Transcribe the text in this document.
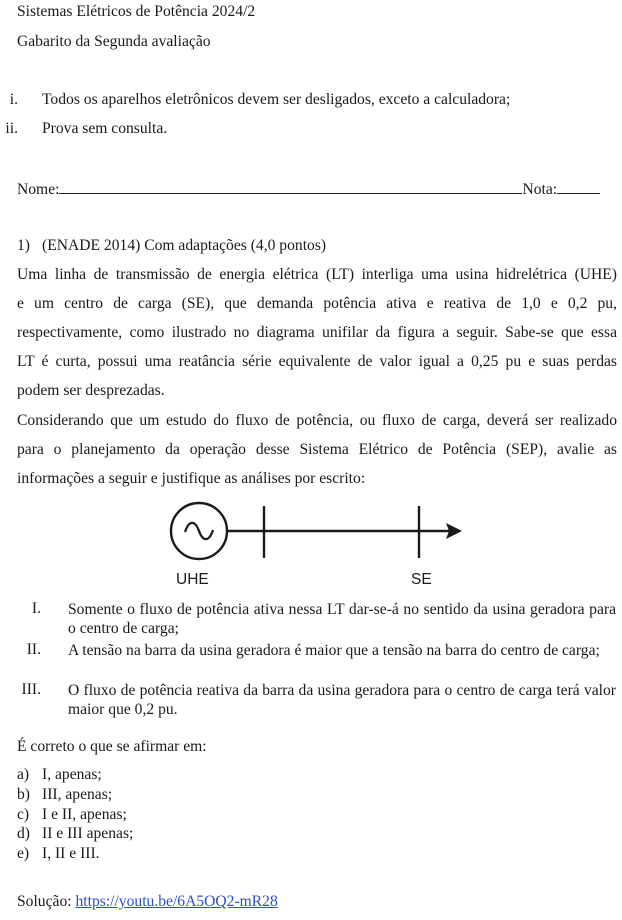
Sistemas Elétricos de Potência 2024/2
Gabarito da Segunda avaliação
i. Todos os aparelhos eletrônicos devem ser desligados, exceto a calculadora;
ii. Prova sem consulta.
Nome:	Nota:
1) (ENADE 2014) Com adaptações (4,0 pontos)
Uma linha de transmissão de energia elétrica (LT) interliga uma usina hidrelétrica (UHE)
e um centro de carga (SE), que demanda potência ativa e reativa de 1,0 e 0,2 pu,
respectivamente, como ilustrado no diagrama unifilar da figura a seguir. Sabe-se que essa
LT é curta, possui uma reatância série equivalente de valor igual a 0,25 pu e suas perdas
podem ser desprezadas.
Considerando que um estudo do fluxo de potência, ou fluxo de carga, deverá ser realizado
para o planejamento da operação desse Sistema Elétrico de Potência (SEP), avalie as
informações a seguir e justifique as análises por escrito:
UHE	SE
I. Somente o fluxo de potência ativa nessa LT dar-se-á no sentido da usina geradora para o centro de carga;
II. A tensão na barra da usina geradora é maior que a tensão na barra do centro de carga;
III. O fluxo de potência reativa da barra da usina geradora para o centro de carga terá valor maior que 0,2 pu.
É correto o que se afirmar em:
a) I, apenas;
b) III, apenas;
c) I e II, apenas;
d) II e III apenas;
e) I, II e III.
Solução: https://youtu.be/6A5OQ2-mR28
